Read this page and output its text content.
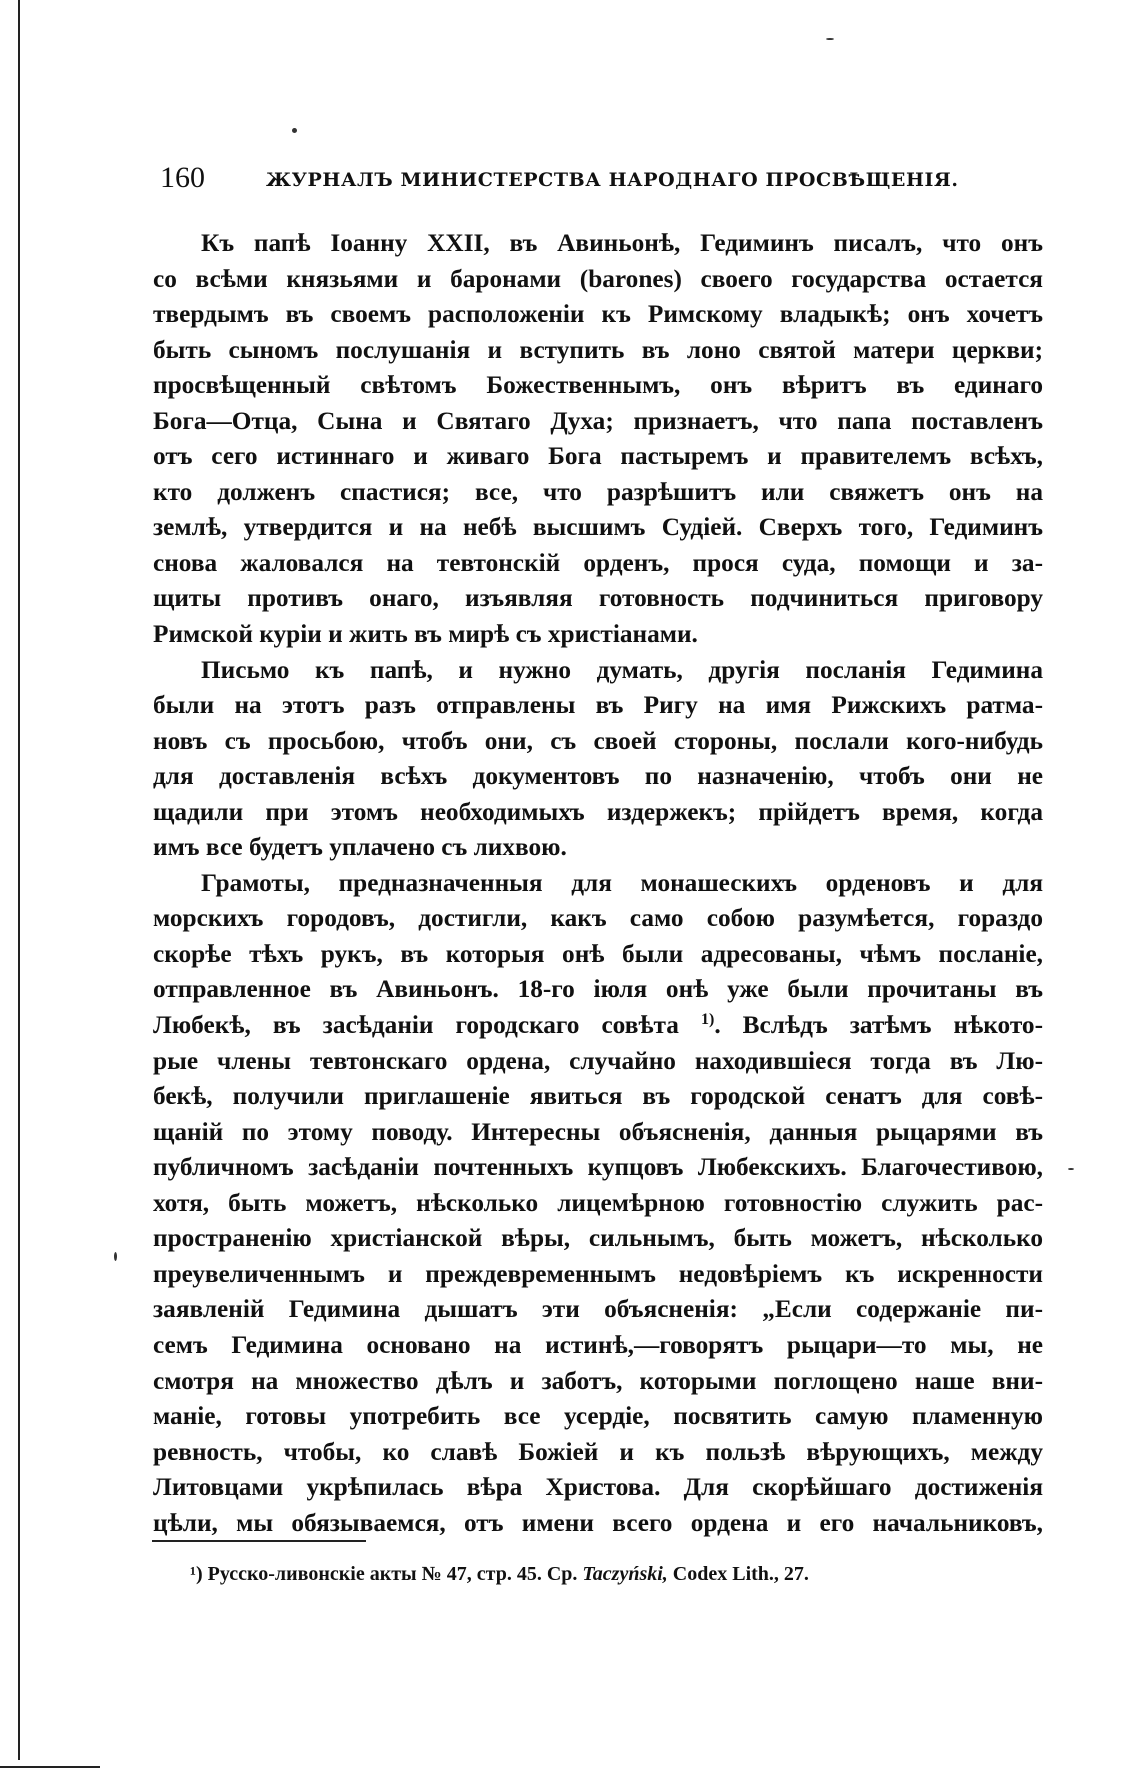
160	ЖУРНАЛЪ МИНИСТЕРСТВА НАРОДНАГО ПРОСВѢЩЕНІЯ.
Къ папѣ Іоанну XXII, въ Авиньонѣ, Гедиминъ писалъ, что онъ
со всѣми князьями и баронами (barones) своего государства остается
твердымъ въ своемъ расположеніи къ Римскому владыкѣ; онъ хочетъ
быть сыномъ послушанія и вступить въ лоно святой матери церкви;
просвѣщенный свѣтомъ Божественнымъ, онъ вѣритъ въ единаго
Бога—Отца, Сына и Святаго Духа; признаетъ, что папа поставленъ
отъ сего истиннаго и живаго Бога пастыремъ и правителемъ всѣхъ,
кто долженъ спастися; все, что разрѣшитъ или свяжетъ онъ на
землѣ, утвердится и на небѣ высшимъ Судіей. Сверхъ того, Гедиминъ
снова жаловался на тевтонскій орденъ, прося суда, помощи и за-
щиты противъ онаго, изъявляя готовность подчиниться приговору
Римской куріи и жить въ мирѣ съ христіанами.
Письмо къ папѣ, и нужно думать, другія посланія Гедимина
были на этотъ разъ отправлены въ Ригу на имя Рижскихъ ратма-
новъ съ просьбою, чтобъ они, съ своей стороны, послали кого-нибудь
для доставленія всѣхъ документовъ по назначенію, чтобъ они не
щадили при этомъ необходимыхъ издержекъ; прійдетъ время, когда
имъ все будетъ уплачено съ лихвою.
Грамоты, предназначенныя для монашескихъ орденовъ и для
морскихъ городовъ, достигли, какъ само собою разумѣется, гораздо
скорѣе тѣхъ рукъ, въ которыя онѣ были адресованы, чѣмъ посланіе,
отправленное въ Авиньонъ. 18-го іюля онѣ уже были прочитаны въ
Любекѣ, въ засѣданіи городскаго совѣта $^{1)}$. Вслѣдъ затѣмъ нѣкото-
рые члены тевтонскаго ордена, случайно находившіеся тогда въ Лю-
бекѣ, получили приглашеніе явиться въ городской сенатъ для совѣ-
щаній по этому поводу. Интересны объясненія, данныя рыцарями въ
публичномъ засѣданіи почтенныхъ купцовъ Любекскихъ. Благочестивою,
хотя, быть можетъ, нѣсколько лицемѣрною готовностію служить рас-
пространенію христіанской вѣры, сильнымъ, быть можетъ, нѣсколько
преувеличеннымъ и преждевременнымъ недовѣріемъ къ искренности
заявленій Гедимина дышатъ эти объясненія: „Если содержаніе пи-
семъ Гедимина основано на истинѣ,—говорятъ рыцари—то мы, не
смотря на множество дѣлъ и заботъ, которыми поглощено наше вни-
маніе, готовы употребить все усердіе, посвятить самую пламенную
ревность, чтобы, ко славѣ Божіей и къ пользѣ вѣрующихъ, между
Литовцами укрѣпилась вѣра Христова. Для скорѣйшаго достиженія
цѣли, мы обязываемся, отъ имени всего ордена и его начальниковъ,
¹) Русско-ливонскіе акты № 47, стр. 45. Ср. Taczyński, Codex Lith., 27.
